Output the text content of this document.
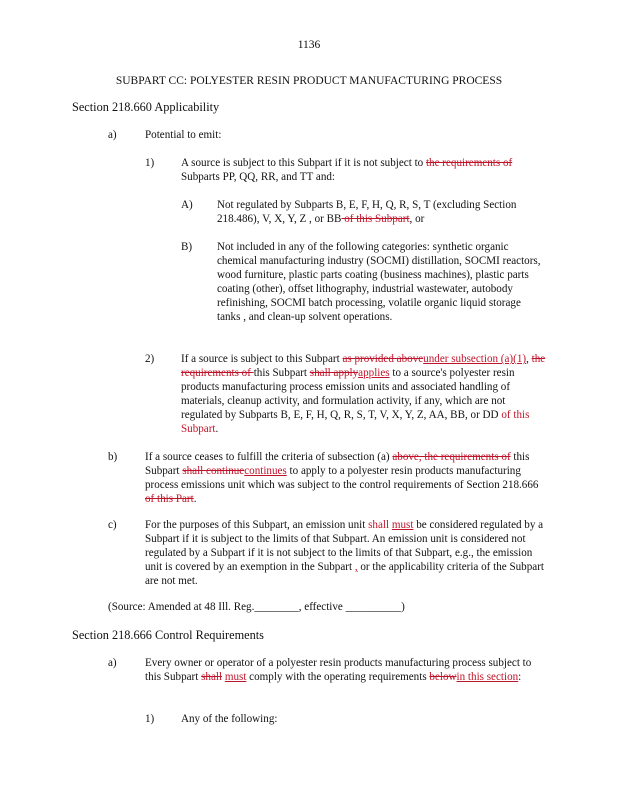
1136
SUBPART CC: POLYESTER RESIN PRODUCT MANUFACTURING PROCESS
Section 218.660 Applicability
a)	Potential to emit:
1) A source is subject to this Subpart if it is not subject to the requirements of Subparts PP, QQ, RR, and TT and:
A) Not regulated by Subparts B, E, F, H, Q, R, S, T (excluding Section 218.486), V, X, Y, Z , or BB of this Subpart, or
B) Not included in any of the following categories: synthetic organic chemical manufacturing industry (SOCMI) distillation, SOCMI reactors, wood furniture, plastic parts coating (business machines), plastic parts coating (other), offset lithography, industrial wastewater, autobody refinishing, SOCMI batch processing, volatile organic liquid storage tanks , and clean-up solvent operations.
2) If a source is subject to this Subpart as provided aboveunder subsection (a)(1), the requirements of this Subpart shall applyapplies to a source's polyester resin products manufacturing process emission units and associated handling of materials, cleanup activity, and formulation activity, if any, which are not regulated by Subparts B, E, F, H, Q, R, S, T, V, X, Y, Z, AA, BB, or DD of this Subpart.
b)	If a source ceases to fulfill the criteria of subsection (a) above, the requirements of this Subpart shall continuecontinues to apply to a polyester resin products manufacturing process emissions unit which was subject to the control requirements of Section 218.666 of this Part.
c)	For the purposes of this Subpart, an emission unit shall must be considered regulated by a Subpart if it is subject to the limits of that Subpart. An emission unit is considered not regulated by a Subpart if it is not subject to the limits of that Subpart, e.g., the emission unit is covered by an exemption in the Subpart , or the applicability criteria of the Subpart are not met.
(Source: Amended at 48 Ill. Reg.________, effective __________)
Section 218.666 Control Requirements
a)	Every owner or operator of a polyester resin products manufacturing process subject to this Subpart shall must comply with the operating requirements belowin this section:
1) Any of the following:
